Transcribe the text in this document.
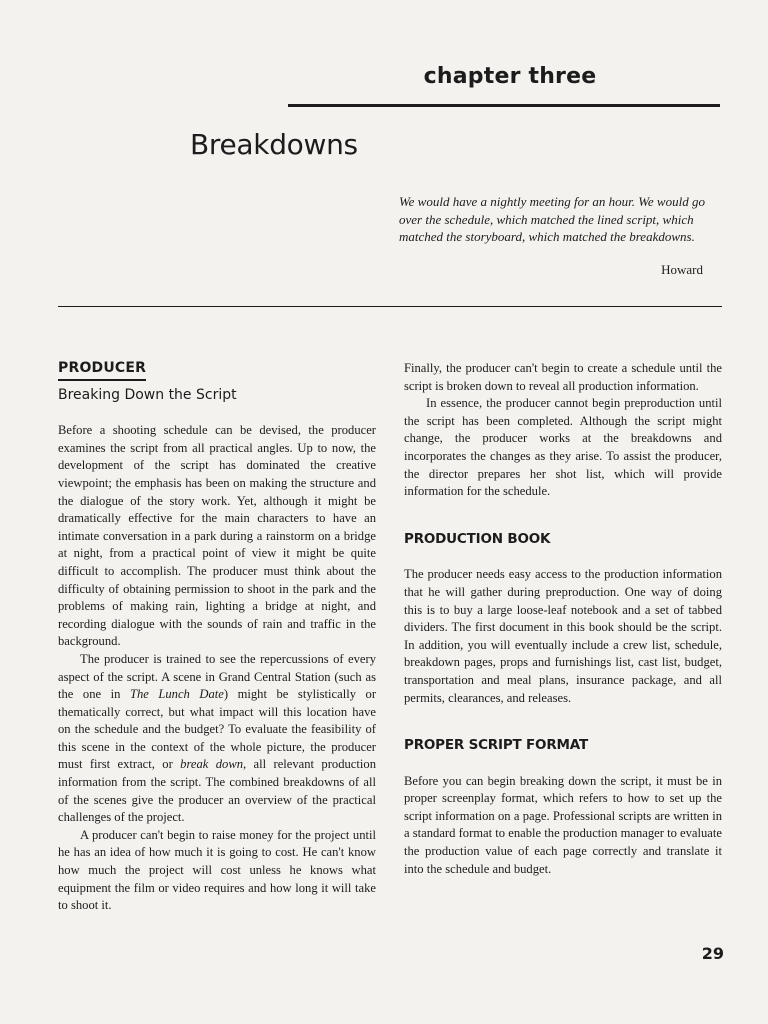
chapter three
Breakdowns
We would have a nightly meeting for an hour. We would go over the schedule, which matched the lined script, which matched the storyboard, which matched the breakdowns.
Howard
PRODUCER
Breaking Down the Script

Before a shooting schedule can be devised, the producer examines the script from all practical angles. Up to now, the development of the script has dominated the creative viewpoint; the emphasis has been on making the structure and the dialogue of the story work. Yet, although it might be dramatically effective for the main characters to have an intimate conversation in a park during a rainstorm on a bridge at night, from a practical point of view it might be quite difficult to accomplish. The producer must think about the difficulty of obtaining permission to shoot in the park and the problems of making rain, lighting a bridge at night, and recording dialogue with the sounds of rain and traffic in the background.

The producer is trained to see the repercussions of every aspect of the script. A scene in Grand Central Station (such as the one in The Lunch Date) might be stylistically or thematically correct, but what impact will this location have on the schedule and the budget? To evaluate the feasibility of this scene in the context of the whole picture, the producer must first extract, or break down, all relevant production information from the script. The combined breakdowns of all of the scenes give the producer an overview of the practical challenges of the project.

A producer can't begin to raise money for the project until he has an idea of how much it is going to cost. He can't know how much the project will cost unless he knows what equipment the film or video requires and how long it will take to shoot it.

Finally, the producer can't begin to create a schedule until the script is broken down to reveal all production information.

In essence, the producer cannot begin preproduction until the script has been completed. Although the script might change, the producer works at the breakdowns and incorporates the changes as they arise. To assist the producer, the director prepares her shot list, which will provide information for the schedule.

PRODUCTION BOOK

The producer needs easy access to the production information that he will gather during preproduction. One way of doing this is to buy a large loose-leaf notebook and a set of tabbed dividers. The first document in this book should be the script. In addition, you will eventually include a crew list, schedule, breakdown pages, props and furnishings list, cast list, budget, transportation and meal plans, insurance package, and all permits, clearances, and releases.

PROPER SCRIPT FORMAT

Before you can begin breaking down the script, it must be in proper screenplay format, which refers to how to set up the script information on a page. Professional scripts are written in a standard format to enable the production manager to evaluate the production value of each page correctly and translate it into the schedule and budget.

29
